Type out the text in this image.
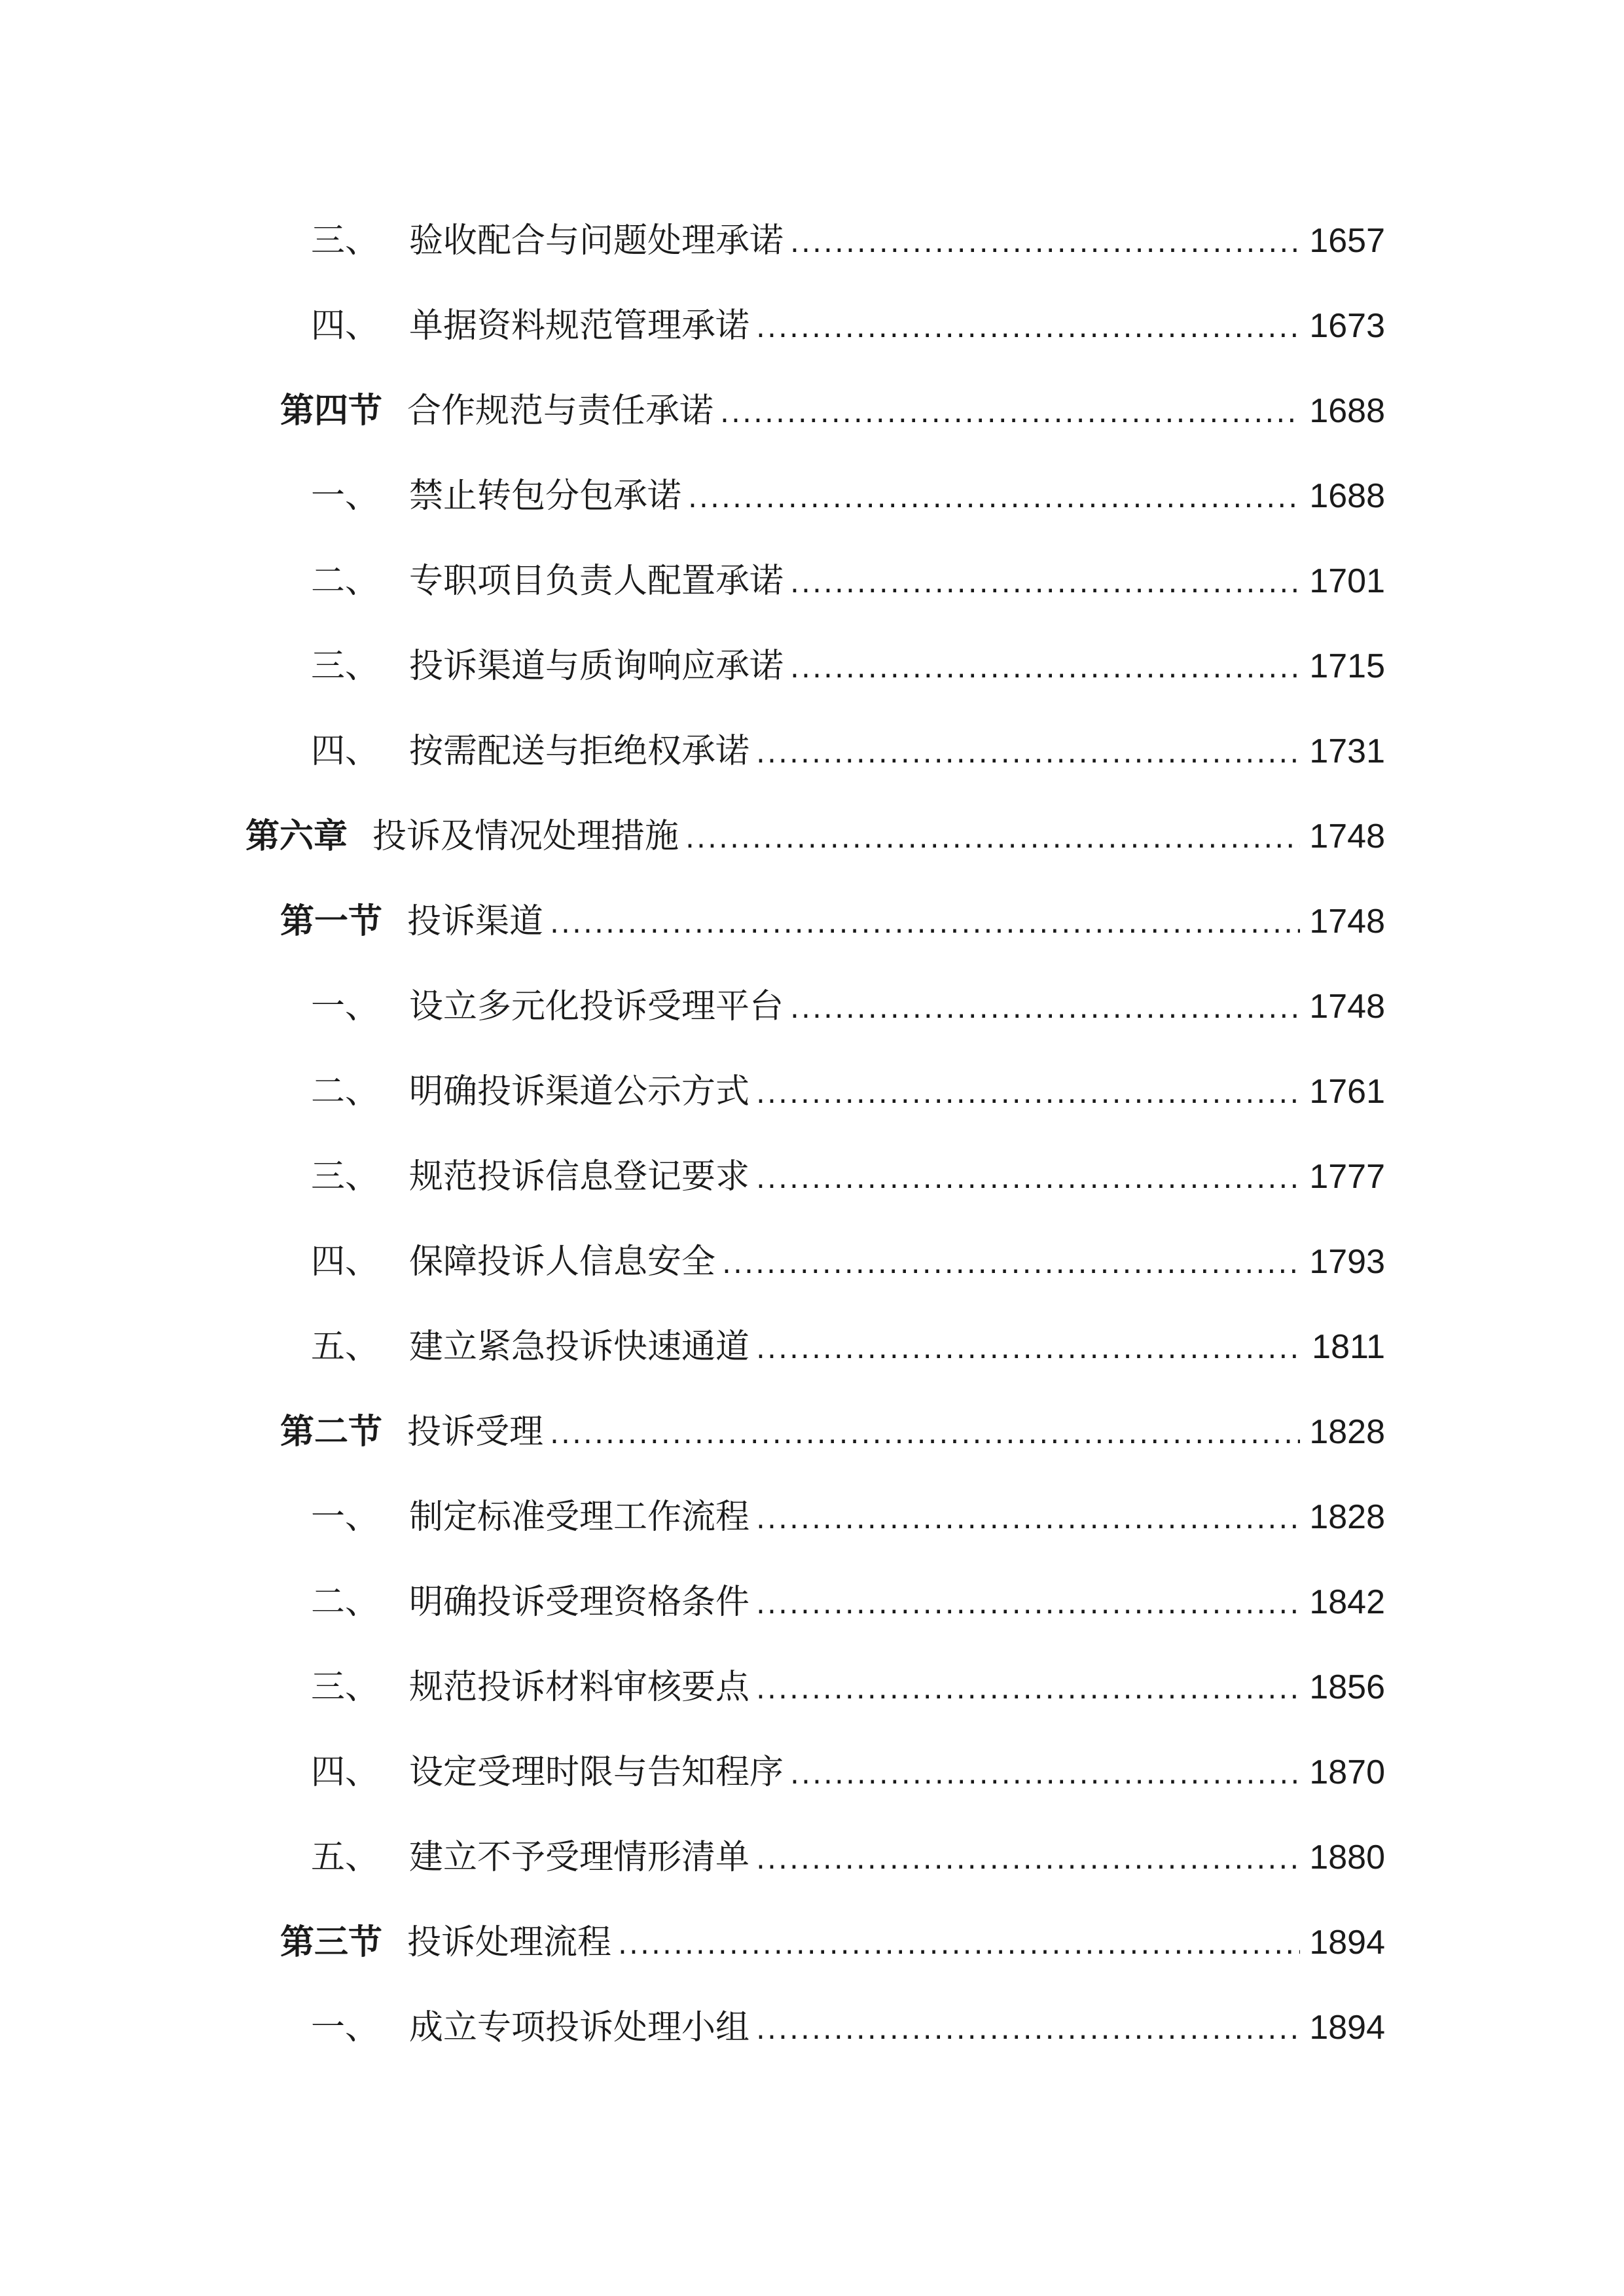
三、 验收配合与问题处理承诺 .....	1657
四、 单据资料规范管理承诺 .....	1673
第四节 合作规范与责任承诺 .....	1688
一、 禁止转包分包承诺 .....	1688
二、 专职项目负责人配置承诺 .....	1701
三、 投诉渠道与质询响应承诺 .....	1715
四、 按需配送与拒绝权承诺 .....	1731
第六章 投诉及情况处理措施 .....	1748
第一节 投诉渠道 .....	1748
一、 设立多元化投诉受理平台 .....	1748
二、 明确投诉渠道公示方式 .....	1761
三、 规范投诉信息登记要求 .....	1777
四、 保障投诉人信息安全 .....	1793
五、 建立紧急投诉快速通道 .....	1811
第二节 投诉受理 .....	1828
一、 制定标准受理工作流程 .....	1828
二、 明确投诉受理资格条件 .....	1842
三、 规范投诉材料审核要点 .....	1856
四、 设定受理时限与告知程序 .....	1870
五、 建立不予受理情形清单 .....	1880
第三节 投诉处理流程 .....	1894
一、 成立专项投诉处理小组 .....	1894
